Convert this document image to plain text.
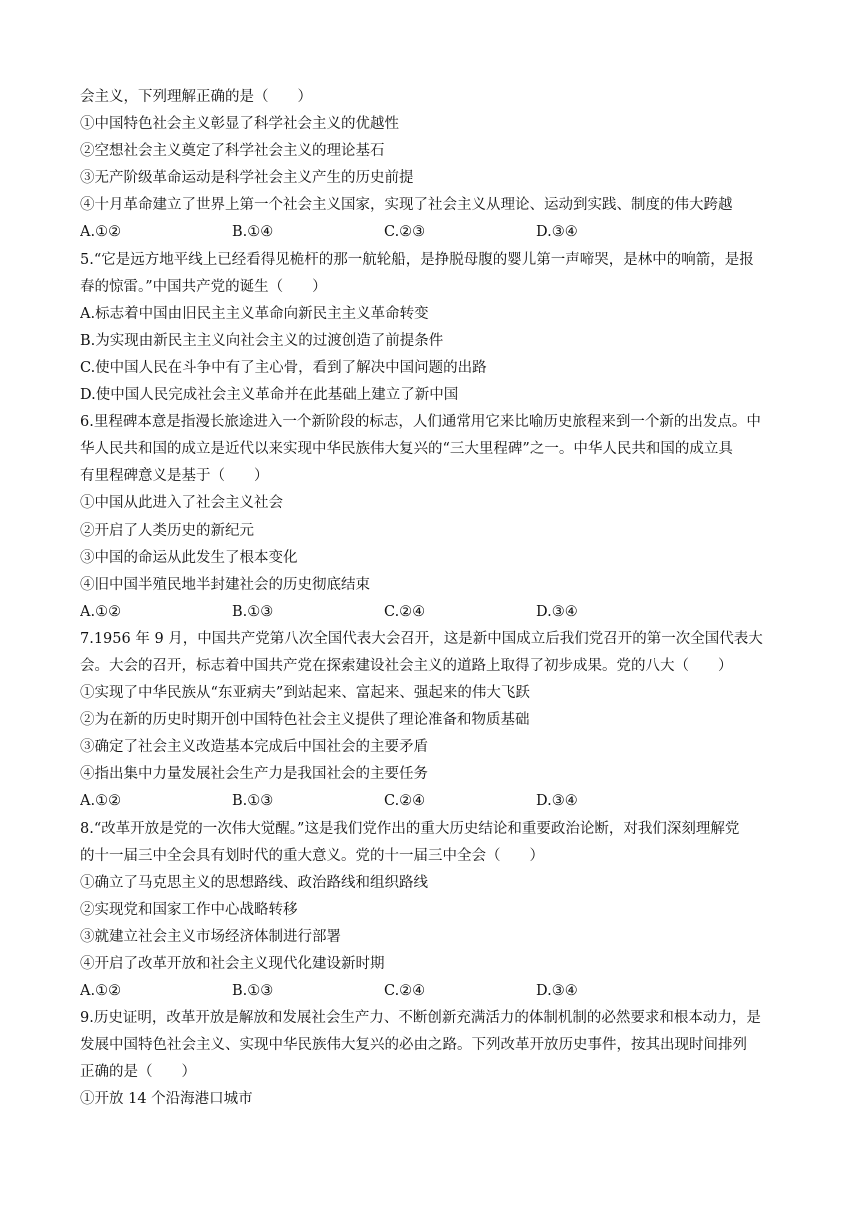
会主义，下列理解正确的是（　　）
①中国特色社会主义彰显了科学社会主义的优越性
②空想社会主义奠定了科学社会主义的理论基石
③无产阶级革命运动是科学社会主义产生的历史前提
④十月革命建立了世界上第一个社会主义国家，实现了社会主义从理论、运动到实践、制度的伟大跨越
A.①②	B.①④	C.②③	D.③④
5.“它是远方地平线上已经看得见桅杆的那一航轮船，是挣脱母腹的婴儿第一声啼哭，是林中的响箭，是报
春的惊雷。”中国共产党的诞生（　　）
A.标志着中国由旧民主主义革命向新民主主义革命转变
B.为实现由新民主主义向社会主义的过渡创造了前提条件
C.使中国人民在斗争中有了主心骨，看到了解决中国问题的出路
D.使中国人民完成社会主义革命并在此基础上建立了新中国
6.里程碑本意是指漫长旅途进入一个新阶段的标志，人们通常用它来比喻历史旅程来到一个新的出发点。中
华人民共和国的成立是近代以来实现中华民族伟大复兴的“三大里程碑”之一。中华人民共和国的成立具
有里程碑意义是基于（　　）
①中国从此进入了社会主义社会
②开启了人类历史的新纪元
③中国的命运从此发生了根本变化
④旧中国半殖民地半封建社会的历史彻底结束
A.①②	B.①③	C.②④	D.③④
7.1956 年 9 月，中国共产党第八次全国代表大会召开，这是新中国成立后我们党召开的第一次全国代表大
会。大会的召开，标志着中国共产党在探索建设社会主义的道路上取得了初步成果。党的八大（　　）
①实现了中华民族从“东亚病夫”到站起来、富起来、强起来的伟大飞跃
②为在新的历史时期开创中国特色社会主义提供了理论准备和物质基础
③确定了社会主义改造基本完成后中国社会的主要矛盾
④指出集中力量发展社会生产力是我国社会的主要任务
A.①②	B.①③	C.②④	D.③④
8.“改革开放是党的一次伟大觉醒。”这是我们党作出的重大历史结论和重要政治论断，对我们深刻理解党
的十一届三中全会具有划时代的重大意义。党的十一届三中全会（　　）
①确立了马克思主义的思想路线、政治路线和组织路线
②实现党和国家工作中心战略转移
③就建立社会主义市场经济体制进行部署
④开启了改革开放和社会主义现代化建设新时期
A.①②	B.①③	C.②④	D.③④
9.历史证明，改革开放是解放和发展社会生产力、不断创新充满活力的体制机制的必然要求和根本动力，是
发展中国特色社会主义、实现中华民族伟大复兴的必由之路。下列改革开放历史事件，按其出现时间排列
正确的是（　　）
①开放 14 个沿海港口城市
